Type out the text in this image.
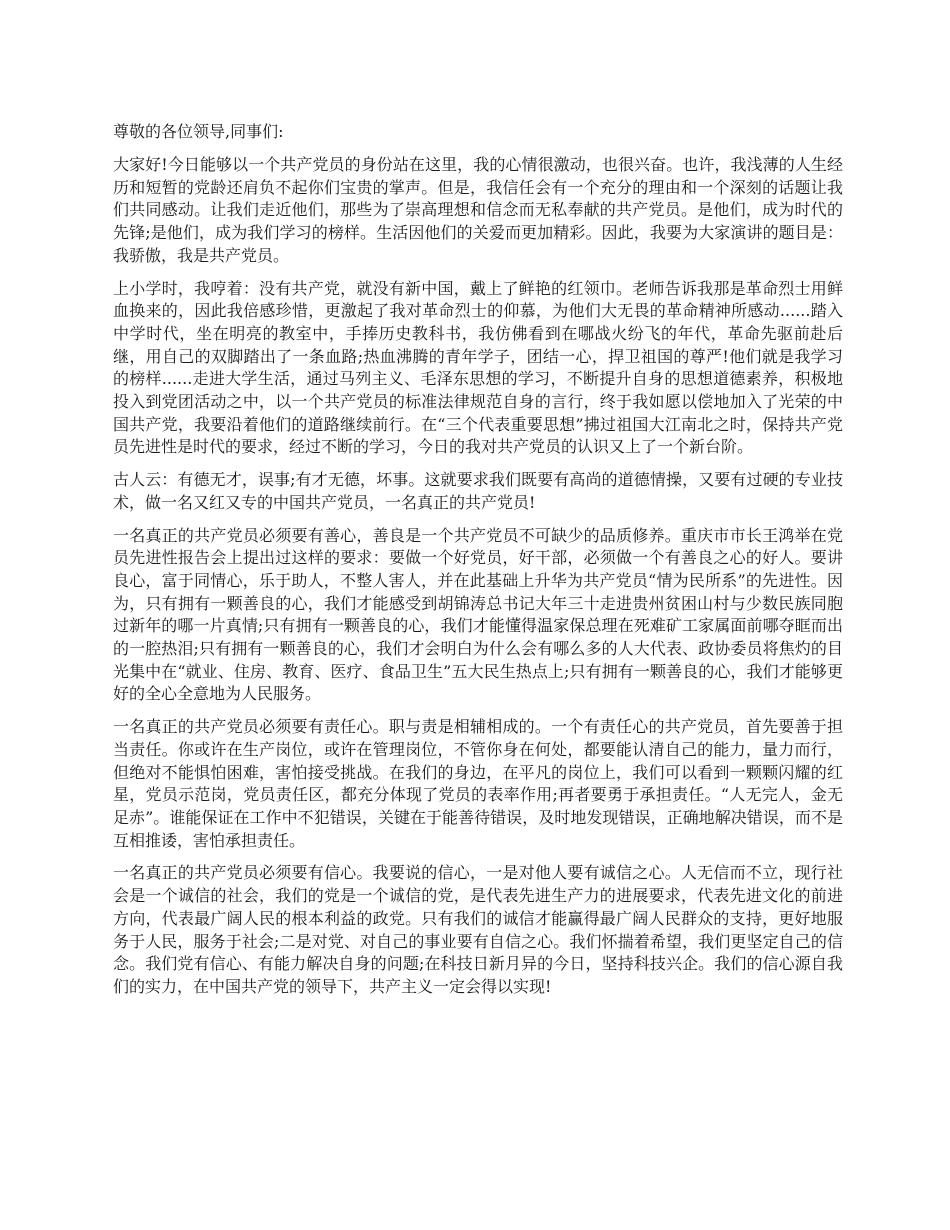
尊敬的各位领导,同事们:

大家好!今日能够以一个共产党员的身份站在这里，我的心情很激动，也很兴奋。也许，我浅薄的人生经历和短暂的党龄还肩负不起你们宝贵的掌声。但是，我信任会有一个充分的理由和一个深刻的话题让我们共同感动。让我们走近他们，那些为了崇高理想和信念而无私奉献的共产党员。是他们，成为时代的先锋;是他们，成为我们学习的榜样。生活因他们的关爱而更加精彩。因此，我要为大家演讲的题目是：我骄傲，我是共产党员。

上小学时，我哼着：没有共产党，就没有新中国，戴上了鲜艳的红领巾。老师告诉我那是革命烈士用鲜血换来的，因此我倍感珍惜，更激起了我对革命烈士的仰慕，为他们大无畏的革命精神所感动......踏入中学时代，坐在明亮的教室中，手捧历史教科书，我仿佛看到在哪战火纷飞的年代，革命先驱前赴后继，用自己的双脚踏出了一条血路;热血沸腾的青年学子，团结一心，捍卫祖国的尊严!他们就是我学习的榜样......走进大学生活，通过马列主义、毛泽东思想的学习，不断提升自身的思想道德素养，积极地投入到党团活动之中，以一个共产党员的标准法律规范自身的言行，终于我如愿以偿地加入了光荣的中国共产党，我要沿着他们的道路继续前行。在“三个代表重要思想”拂过祖国大江南北之时，保持共产党员先进性是时代的要求，经过不断的学习，今日的我对共产党员的认识又上了一个新台阶。

古人云：有德无才，误事;有才无德，坏事。这就要求我们既要有高尚的道德情操，又要有过硬的专业技术，做一名又红又专的中国共产党员，一名真正的共产党员!

一名真正的共产党员必须要有善心，善良是一个共产党员不可缺少的品质修养。重庆市市长王鸿举在党员先进性报告会上提出过这样的要求：要做一个好党员，好干部，必须做一个有善良之心的好人。要讲良心，富于同情心，乐于助人，不整人害人，并在此基础上升华为共产党员“情为民所系”的先进性。因为，只有拥有一颗善良的心，我们才能感受到胡锦涛总书记大年三十走进贵州贫困山村与少数民族同胞过新年的哪一片真情;只有拥有一颗善良的心，我们才能懂得温家保总理在死难矿工家属面前哪夺眶而出的一腔热泪;只有拥有一颗善良的心，我们才会明白为什么会有哪么多的人大代表、政协委员将焦灼的目光集中在“就业、住房、教育、医疗、食品卫生”五大民生热点上;只有拥有一颗善良的心，我们才能够更好的全心全意地为人民服务。

一名真正的共产党员必须要有责任心。职与责是相辅相成的。一个有责任心的共产党员，首先要善于担当责任。你或许在生产岗位，或许在管理岗位，不管你身在何处，都要能认清自己的能力，量力而行，但绝对不能惧怕困难，害怕接受挑战。在我们的身边，在平凡的岗位上，我们可以看到一颗颗闪耀的红星，党员示范岗，党员责任区，都充分体现了党员的表率作用;再者要勇于承担责任。“人无完人，金无足赤”。谁能保证在工作中不犯错误，关键在于能善待错误，及时地发现错误，正确地解决错误，而不是互相推诿，害怕承担责任。

一名真正的共产党员必须要有信心。我要说的信心，一是对他人要有诚信之心。人无信而不立，现行社会是一个诚信的社会，我们的党是一个诚信的党，是代表先进生产力的进展要求，代表先进文化的前进方向，代表最广阔人民的根本利益的政党。只有我们的诚信才能赢得最广阔人民群众的支持，更好地服务于人民，服务于社会;二是对党、对自己的事业要有自信之心。我们怀揣着希望，我们更坚定自己的信念。我们党有信心、有能力解决自身的问题;在科技日新月异的今日，坚持科技兴企。我们的信心源自我们的实力，在中国共产党的领导下，共产主义一定会得以实现!
